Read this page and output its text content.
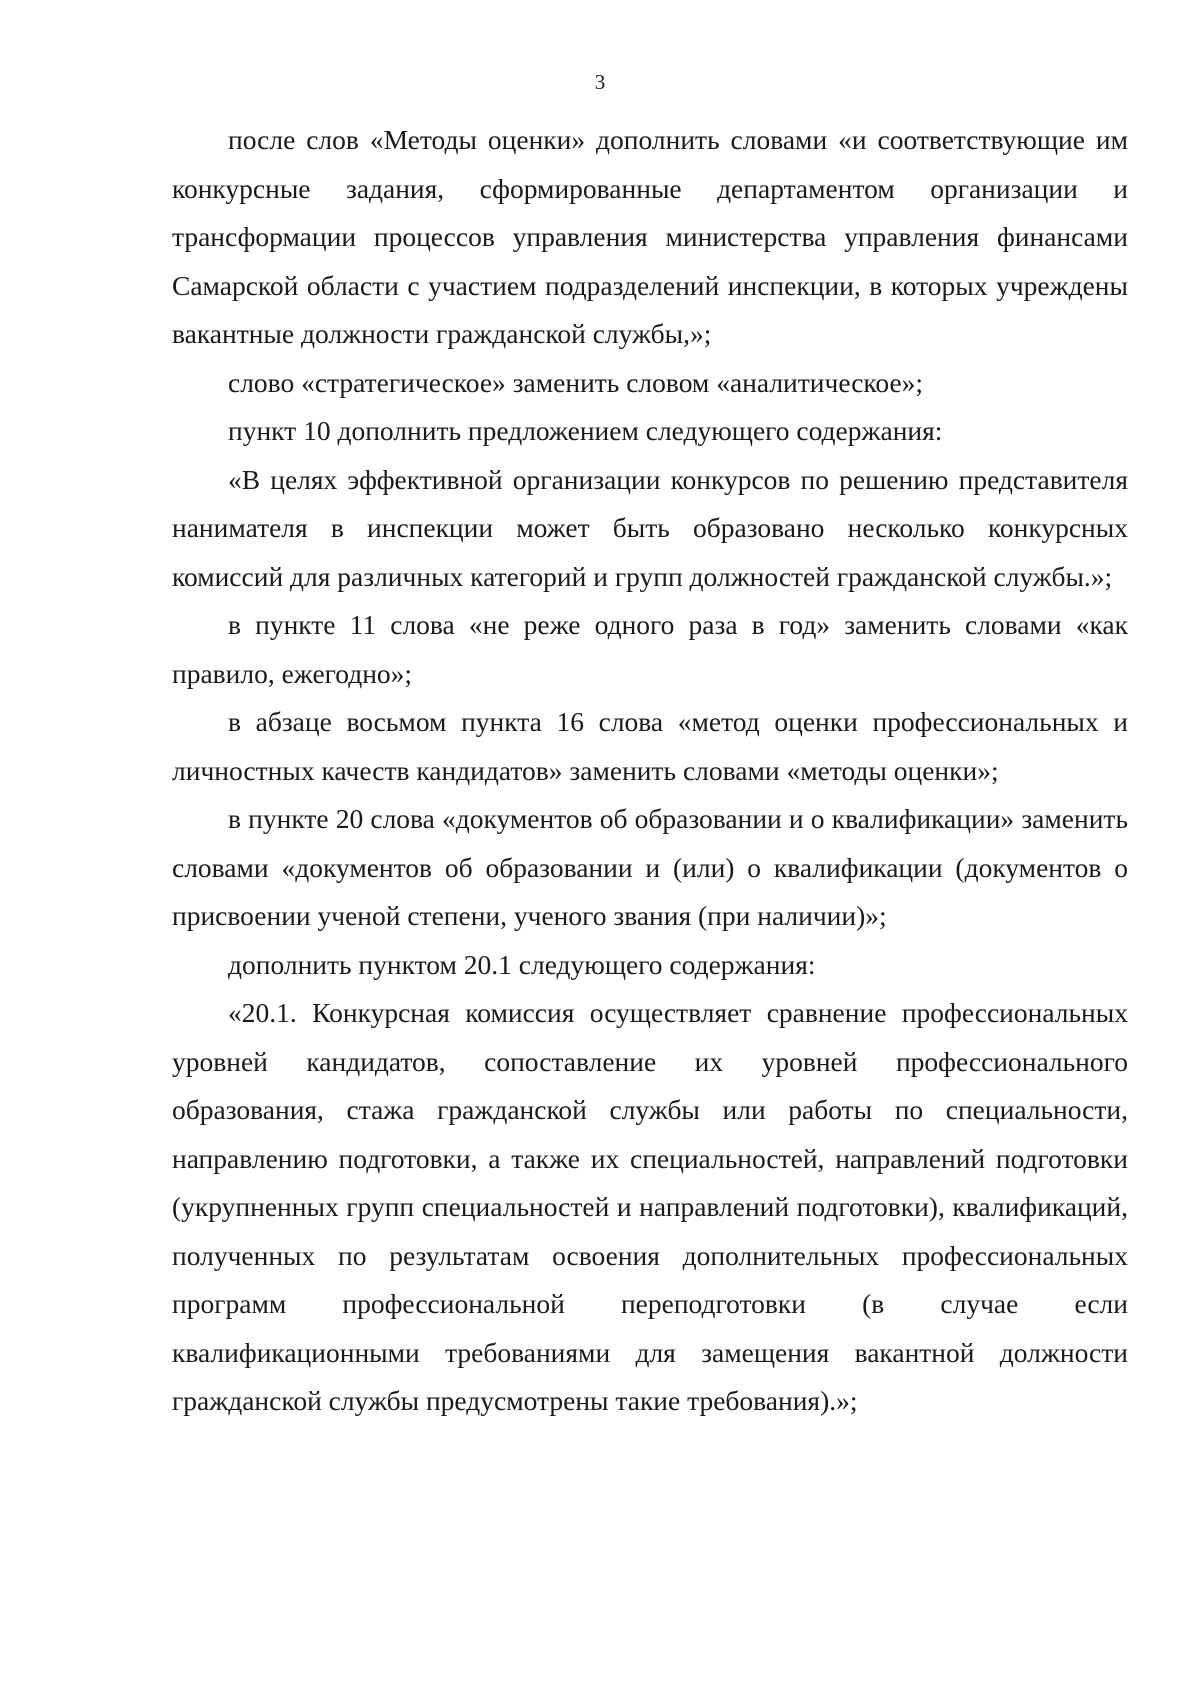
3

после слов «Методы оценки» дополнить словами «и соответствующие им конкурсные задания, сформированные департаментом организации и трансформации процессов управления министерства управления финансами Самарской области с участием подразделений инспекции, в которых учреждены вакантные должности гражданской службы,»;

слово «стратегическое» заменить словом «аналитическое»;

пункт 10 дополнить предложением следующего содержания:

«В целях эффективной организации конкурсов по решению представителя нанимателя в инспекции может быть образовано несколько конкурсных комиссий для различных категорий и групп должностей гражданской службы.»;

в пункте 11 слова «не реже одного раза в год» заменить словами «как правило, ежегодно»;

в абзаце восьмом пункта 16 слова «метод оценки профессиональных и личностных качеств кандидатов» заменить словами «методы оценки»;

в пункте 20 слова «документов об образовании и о квалификации» заменить словами «документов об образовании и (или) о квалификации (документов о присвоении ученой степени, ученого звания (при наличии)»;

дополнить пунктом 20.1 следующего содержания:

«20.1. Конкурсная комиссия осуществляет сравнение профессиональных уровней кандидатов, сопоставление их уровней профессионального образования, стажа гражданской службы или работы по специальности, направлению подготовки, а также их специальностей, направлений подготовки (укрупненных групп специальностей и направлений подготовки), квалификаций, полученных по результатам освоения дополнительных профессиональных программ профессиональной переподготовки (в случае если квалификационными требованиями для замещения вакантной должности гражданской службы предусмотрены такие требования).»;
